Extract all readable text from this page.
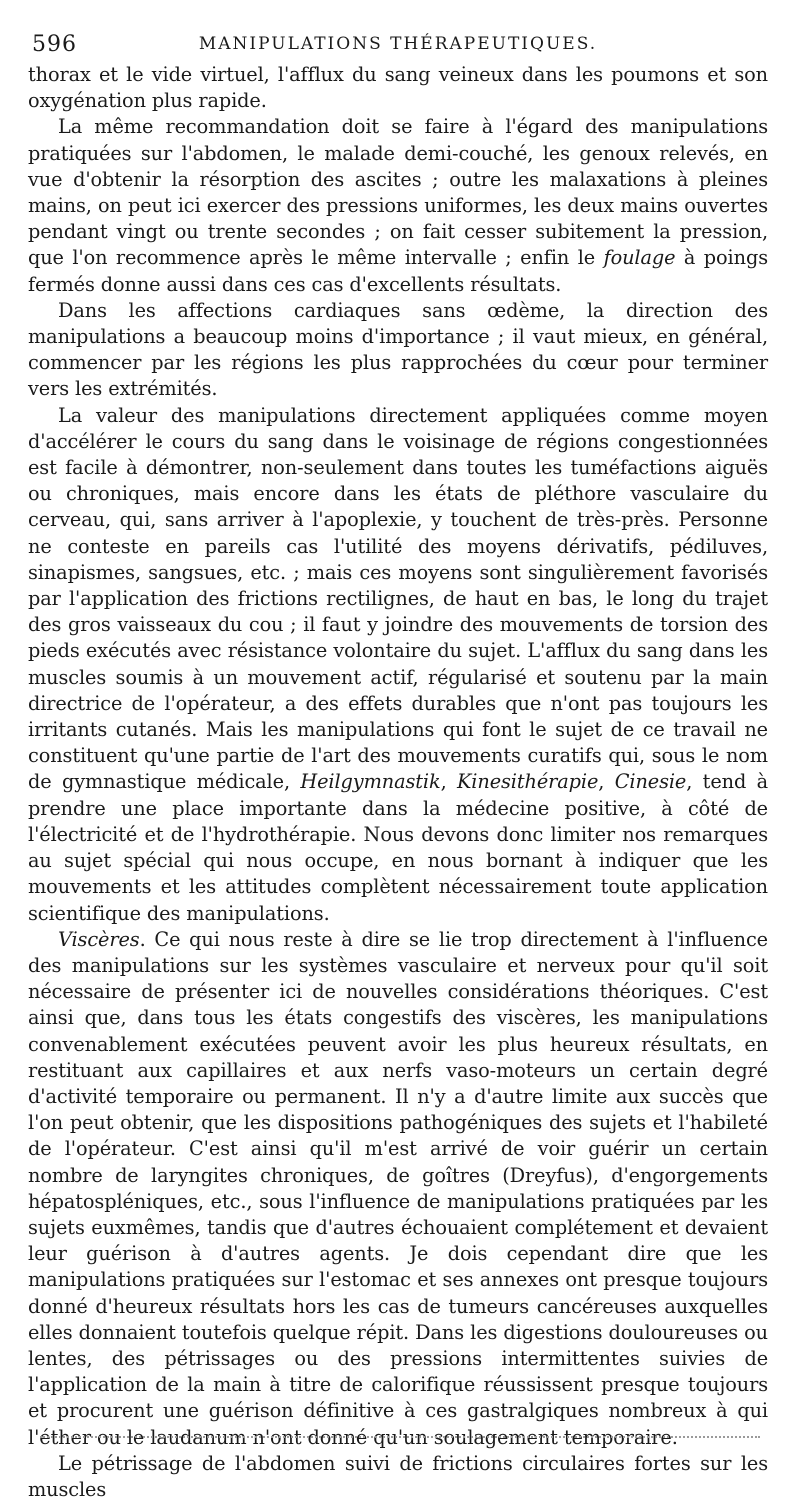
596	MANIPULATIONS THÉRAPEUTIQUES.

thorax et le vide virtuel, l'afflux du sang veineux dans les poumons et son oxygénation plus rapide.

La même recommandation doit se faire à l'égard des manipulations pratiquées sur l'abdomen, le malade demi-couché, les genoux relevés, en vue d'obtenir la résorption des ascites ; outre les malaxations à pleines mains, on peut ici exercer des pressions uniformes, les deux mains ouvertes pendant vingt ou trente secondes ; on fait cesser subitement la pression, que l'on recommence après le même intervalle ; enfin le foulage à poings fermés donne aussi dans ces cas d'excellents résultats.

Dans les affections cardiaques sans œdème, la direction des manipulations a beaucoup moins d'importance ; il vaut mieux, en général, commencer par les régions les plus rapprochées du cœur pour terminer vers les extrémités.

La valeur des manipulations directement appliquées comme moyen d'accélérer le cours du sang dans le voisinage de régions congestionnées est facile à démontrer, non-seulement dans toutes les tuméfactions aiguës ou chroniques, mais encore dans les états de pléthore vasculaire du cerveau, qui, sans arriver à l'apoplexie, y touchent de très-près. Personne ne conteste en pareils cas l'utilité des moyens dérivatifs, pédiluves, sinapismes, sangsues, etc. ; mais ces moyens sont singulièrement favorisés par l'application des frictions rectilignes, de haut en bas, le long du trajet des gros vaisseaux du cou ; il faut y joindre des mouvements de torsion des pieds exécutés avec résistance volontaire du sujet. L'afflux du sang dans les muscles soumis à un mouvement actif, régularisé et soutenu par la main directrice de l'opérateur, a des effets durables que n'ont pas toujours les irritants cutanés. Mais les manipulations qui font le sujet de ce travail ne constituent qu'une partie de l'art des mouvements curatifs qui, sous le nom de gymnastique médicale, Heilgymnastik, Kinesithérapie, Cinesie, tend à prendre une place importante dans la médecine positive, à côté de l'électricité et de l'hydrothérapie. Nous devons donc limiter nos remarques au sujet spécial qui nous occupe, en nous bornant à indiquer que les mouvements et les attitudes complètent nécessairement toute application scientifique des manipulations.

Viscères. Ce qui nous reste à dire se lie trop directement à l'influence des manipulations sur les systèmes vasculaire et nerveux pour qu'il soit nécessaire de présenter ici de nouvelles considérations théoriques. C'est ainsi que, dans tous les états congestifs des viscères, les manipulations convenablement exécutées peuvent avoir les plus heureux résultats, en restituant aux capillaires et aux nerfs vaso-moteurs un certain degré d'activité temporaire ou permanent. Il n'y a d'autre limite aux succès que l'on peut obtenir, que les dispositions pathogéniques des sujets et l'habileté de l'opérateur. C'est ainsi qu'il m'est arrivé de voir guérir un certain nombre de laryngites chroniques, de goîtres (Dreyfus), d'engorgements hépatospléniques, etc., sous l'influence de manipulations pratiquées par les sujets euxmêmes, tandis que d'autres échouaient complétement et devaient leur guérison à d'autres agents. Je dois cependant dire que les manipulations pratiquées sur l'estomac et ses annexes ont presque toujours donné d'heureux résultats hors les cas de tumeurs cancéreuses auxquelles elles donnaient toutefois quelque répit. Dans les digestions douloureuses ou lentes, des pétrissages ou des pressions intermittentes suivies de l'application de la main à titre de calorifique réussissent presque toujours et procurent une guérison définitive à ces gastralgiques nombreux à qui l'éther ou le laudanum n'ont donné qu'un soulagement temporaire.

Le pétrissage de l'abdomen suivi de frictions circulaires fortes sur les muscles
